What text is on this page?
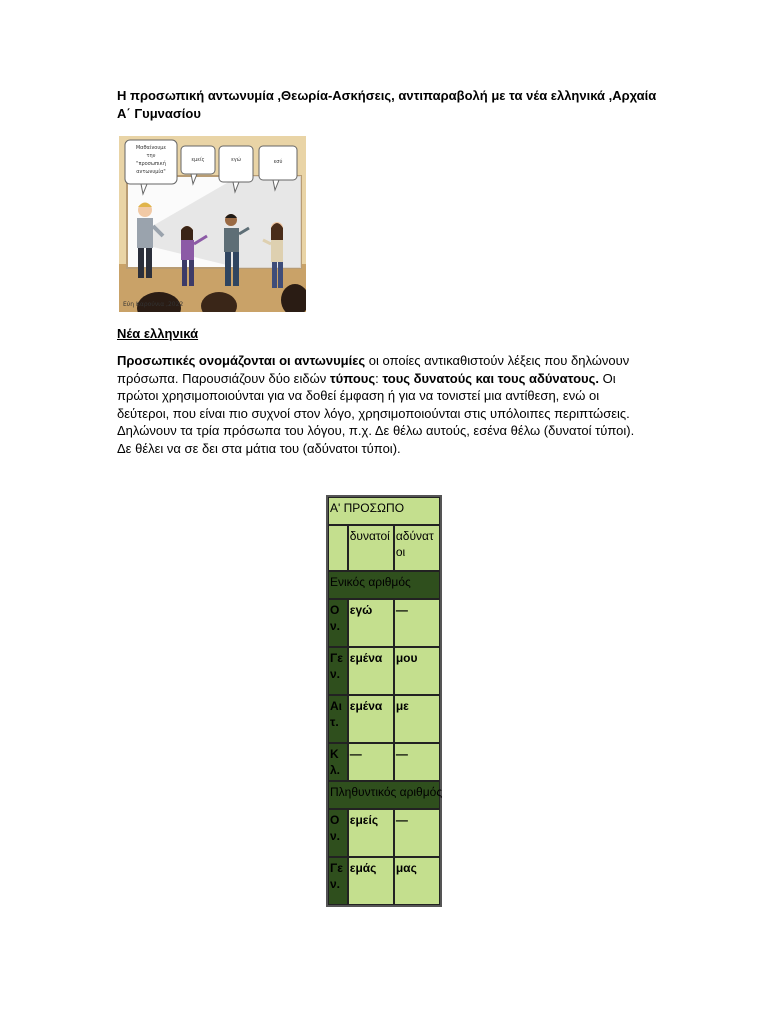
Η προσωπική αντωνυμία ,Θεωρία-Ασκήσεις, αντιπαραβολή με τα νέα ελληνικά ,Αρχαία Α΄ Γυμνασίου
Μαθαίνουμε
την
"προσωπική
αντωνυμία"
εμείς	εγώ	εσύ
Εύη Καρούνια ,2022
Νέα ελληνικά
Προσωπικές ονομάζονται οι αντωνυμίες οι οποίες αντικαθιστούν λέξεις που δηλώνουν πρόσωπα. Παρουσιάζουν δύο ειδών τύπους: τους δυνατούς και τους αδύνατους. Οι πρώτοι χρησιμοποιούνται για να δοθεί έμφαση ή για να τονιστεί μια αντίθεση, ενώ οι δεύτεροι, που είναι πιο συχνοί στον λόγο, χρησιμοποιούνται στις υπόλοιπες περιπτώσεις. Δηλώνουν τα τρία πρόσωπα του λόγου, π.χ. Δε θέλω αυτούς, εσένα θέλω (δυνατοί τύποι). Δε θέλει να σε δει στα μάτια του (αδύνατοι τύποι).
Α' ΠΡΟΣΩΠΟ		
	δυνατοί	αδύνατοι
Ενικός αριθμός		
Ον.	εγώ	—
Γεν.	εμένα	μου
Αιτ.	εμένα	με
Κλ.	—	—
Πληθυντικός αριθμός		
Ον.	εμείς	—
Γεν.	εμάς	μας
